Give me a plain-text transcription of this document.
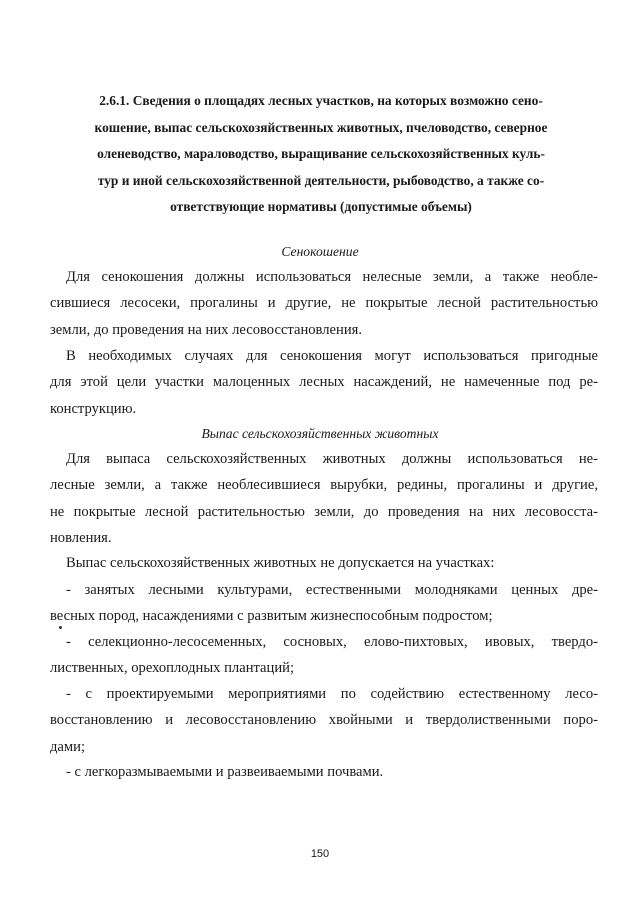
2.6.1. Сведения о площадях лесных участков, на которых возможно сено-
кошение, выпас сельскохозяйственных животных, пчеловодство, северное
оленеводство, мараловодство, выращивание сельскохозяйственных куль-
тур и иной сельскохозяйственной деятельности, рыбоводство, а также со-
ответствующие нормативы (допустимые объемы)
Сенокошение
Для сенокошения должны использоваться нелесные земли, а также необле-
сившиеся лесосеки, прогалины и другие, не покрытые лесной растительностью
земли, до проведения на них лесовосстановления.
В необходимых случаях для сенокошения могут использоваться пригодные
для этой цели участки малоценных лесных насаждений, не намеченные под ре-
конструкцию.
Выпас сельскохозяйственных животных
Для выпаса сельскохозяйственных животных должны использоваться не-
лесные земли, а также необлесившиеся вырубки, редины, прогалины и другие,
не покрытые лесной растительностью земли, до проведения на них лесовосста-
новления.
Выпас сельскохозяйственных животных не допускается на участках:
- занятых лесными культурами, естественными молодняками ценных дре-
весных пород, насаждениями с развитым жизнеспособным подростом;
- селекционно-лесосеменных, сосновых, елово-пихтовых, ивовых, твердо-
лиственных, орехоплодных плантаций;
- с проектируемыми мероприятиями по содействию естественному лесо-
восстановлению и лесовосстановлению хвойными и твердолиственными поро-
дами;
- с легкоразмываемыми и развеиваемыми почвами.
150
